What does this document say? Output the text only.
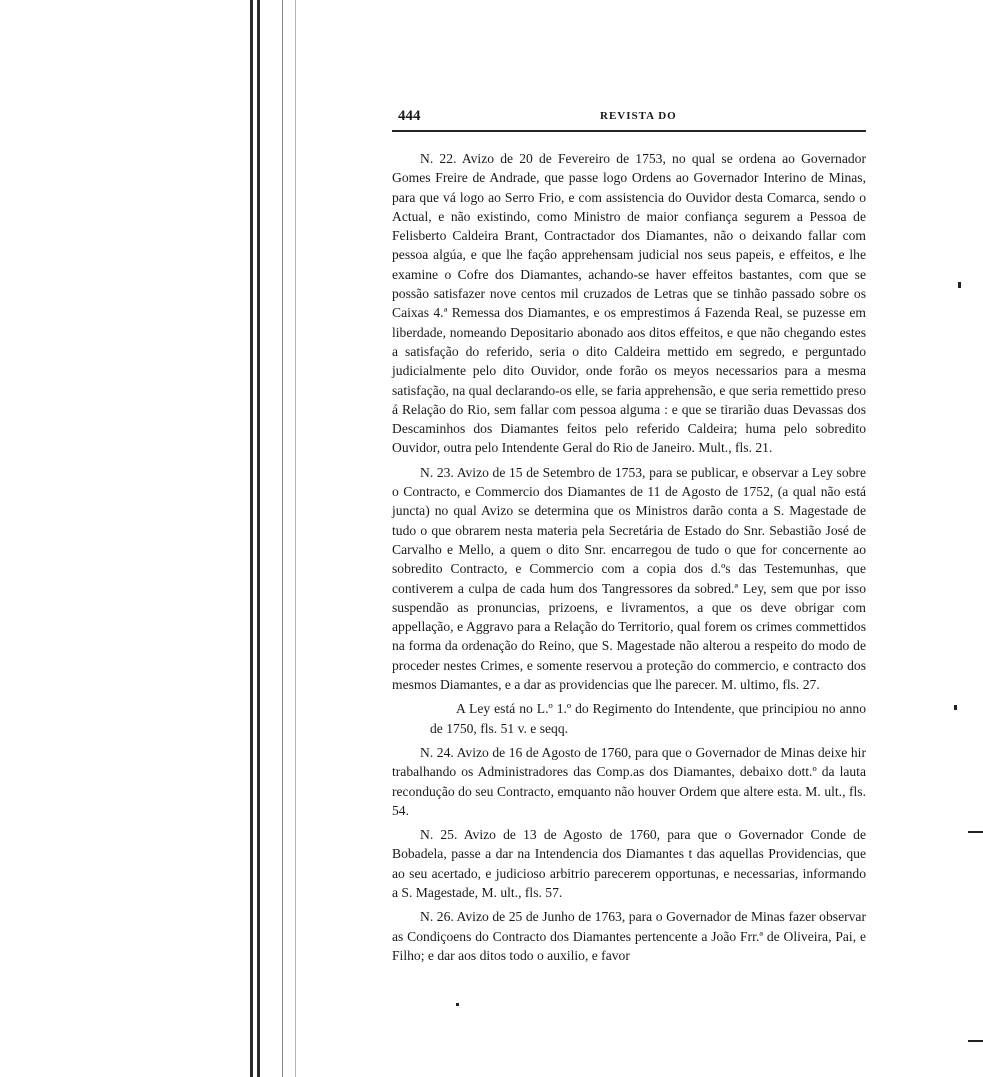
444	REVISTA DO

N. 22. Avizo de 20 de Fevereiro de 1753, no qual se ordena ao Governador Gomes Freire de Andrade, que passe logo Ordens ao Governador Interino de Minas, para que vá logo ao Serro Frio, e com assistencia do Ouvidor desta Comarca, sendo o Actual, e não existindo, como Ministro de maior confiança segurem a Pessoa de Felisberto Caldeira Brant, Contractador dos Diamantes, não o deixando fallar com pessoa algúa, e que lhe façâo apprehensam judicial nos seus papeis, e effeitos, e lhe examine o Cofre dos Diamantes, achando-se haver effeitos bastantes, com que se possão satisfazer nove centos mil cruzados de Letras que se tinhão passado sobre os Caixas 4.ª Remessa dos Diamantes, e os emprestimos á Fazenda Real, se puzesse em liberdade, nomeando Depositario abonado aos ditos effeitos, e que não chegando estes a satisfação do referido, seria o dito Caldeira mettido em segredo, e perguntado judicialmente pelo dito Ouvidor, onde forão os meyos necessarios para a mesma satisfação, na qual declarando-os elle, se faria apprehensão, e que seria remettido preso á Relação do Rio, sem fallar com pessoa alguma : e que se tirarião duas Devassas dos Descaminhos dos Diamantes feitos pelo referido Caldeira; huma pelo sobredito Ouvidor, outra pelo Intendente Geral do Rio de Janeiro. Mult., fls. 21.

N. 23. Avizo de 15 de Setembro de 1753, para se publicar, e observar a Ley sobre o Contracto, e Commercio dos Diamantes de 11 de Agosto de 1752, (a qual não está juncta) no qual Avizo se determina que os Ministros darão conta a S. Magestade de tudo o que obrarem nesta materia pela Secretária de Estado do Snr. Sebastião José de Carvalho e Mello, a quem o dito Snr. encarregou de tudo o que for concernente ao sobredito Contracto, e Commercio com a copia dos d.ºs das Testemunhas, que contiverem a culpa de cada hum dos Tangressores da sobred.ª Ley, sem que por isso suspendão as pronuncias, prizoens, e livramentos, a que os deve obrigar com appellação, e Aggravo para a Relação do Territorio, qual forem os crimes commettidos na forma da ordenação do Reino, que S. Magestade não alterou a respeito do modo de proceder nestes Crimes, e somente reservou a proteção do commercio, e contracto dos mesmos Diamantes, e a dar as providencias que lhe parecer. M. ultimo, fls. 27.

A Ley está no L.º 1.º do Regimento do Intendente, que principiou no anno de 1750, fls. 51 v. e seqq.

N. 24. Avizo de 16 de Agosto de 1760, para que o Governador de Minas deixe hir trabalhando os Administradores das Comp.as dos Diamantes, debaixo dott.º da lauta recondução do seu Contracto, emquanto não houver Ordem que altere esta. M. ult., fls. 54.

N. 25. Avizo de 13 de Agosto de 1760, para que o Governador Conde de Bobadela, passe a dar na Intendencia dos Diamantes t das aquellas Providencias, que ao seu acertado, e judicioso arbitrio parecerem opportunas, e necessarias, informando a S. Magestade, M. ult., fls. 57.

N. 26. Avizo de 25 de Junho de 1763, para o Governador de Minas fazer observar as Condiçoens do Contracto dos Diamantes pertencente a João Frr.ª de Oliveira, Pai, e Filho; e dar aos ditos todo o auxilio, e favor
